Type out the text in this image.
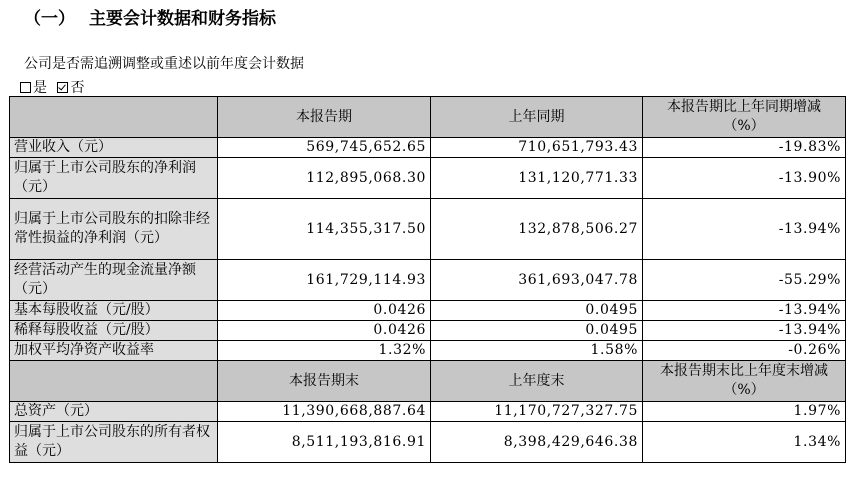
（一） 主要会计数据和财务指标
公司是否需追溯调整或重述以前年度会计数据
是 否
	本报告期	上年同期	本报告期比上年同期增减
（%）
营业收入（元）	569,745,652.65	710,651,793.43	-19.83%
归属于上市公司股东的净利润（元）	112,895,068.30	131,120,771.33	-13.90%
归属于上市公司股东的扣除非经常性损益的净利润（元）	114,355,317.50	132,878,506.27	-13.94%
经营活动产生的现金流量净额（元）	161,729,114.93	361,693,047.78	-55.29%
基本每股收益（元/股）	0.0426	0.0495	-13.94%
稀释每股收益（元/股）	0.0426	0.0495	-13.94%
加权平均净资产收益率	1.32%	1.58%	-0.26%
	本报告期末	上年度末	本报告期末比上年度末增减
（%）
总资产（元）	11,390,668,887.64	11,170,727,327.75	1.97%
归属于上市公司股东的所有者权益（元）	8,511,193,816.91	8,398,429,646.38	1.34%
